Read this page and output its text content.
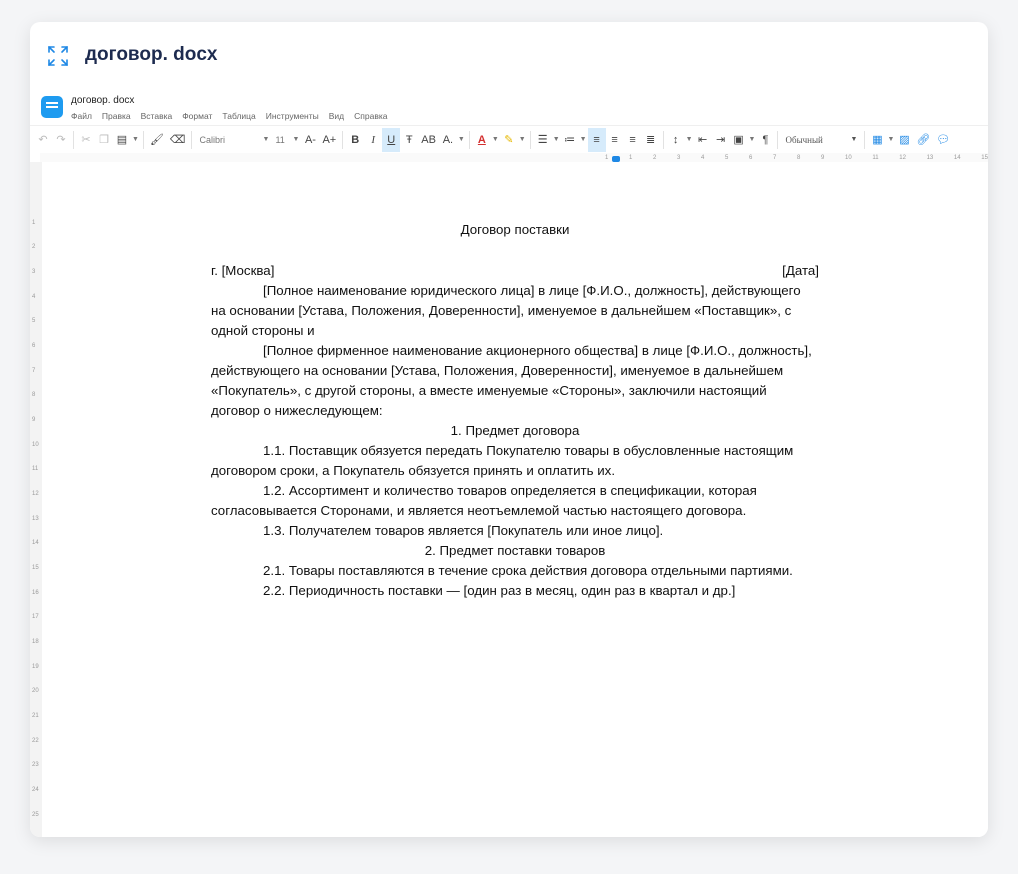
договор. docx
договор. docx
Файл Правка Вставка Формат Таблица Инструменты Вид Справка
↶ ↷	✂ ❐ ▤ ▼ 🖌 ⌫	Calibri	▼ 11 ▼ A- A+	B	I	U Ŧ AB A. ▼	A ▼ ✎ ▼	☰ ▼ ≔ ▼ ≡	≡	≡ ≣	↕	▼ ⇤ ⇥ ▣ ▼ ¶	Обычный	▼	▦ ▼ ▨ 🔗︎ 💬︎
1	1	2	3	4	5	6	7	8	9	10	11	12	13	14	15
1
2
3
4
5
6
7
8
9
10
11
12
13
14
15
16
17
18
19
20
21
22
23
24
25

Договор поставки

г. [Москва]	[Дата]

[Полное наименование юридического лица] в лице [Ф.И.О., должность], действующего на основании [Устава, Положения, Доверенности], именуемое в дальнейшем «Поставщик», с одной стороны и

[Полное фирменное наименование акционерного общества] в лице [Ф.И.О., должность], действующего на основании [Устава, Положения, Доверенности], именуемое в дальнейшем «Покупатель», с другой стороны, а вместе именуемые «Стороны», заключили настоящий договор о нижеследующем:

1. Предмет договора

1.1. Поставщик обязуется передать Покупателю товары в обусловленные настоящим договором сроки, а Покупатель обязуется принять и оплатить их.

1.2. Ассортимент и количество товаров определяется в спецификации, которая согласовывается Сторонами, и является неотъемлемой частью настоящего договора.

1.3. Получателем товаров является [Покупатель или иное лицо].

2. Предмет поставки товаров

2.1. Товары поставляются в течение срока действия договора отдельными партиями.

2.2. Периодичность поставки — [один раз в месяц, один раз в квартал и др.]
